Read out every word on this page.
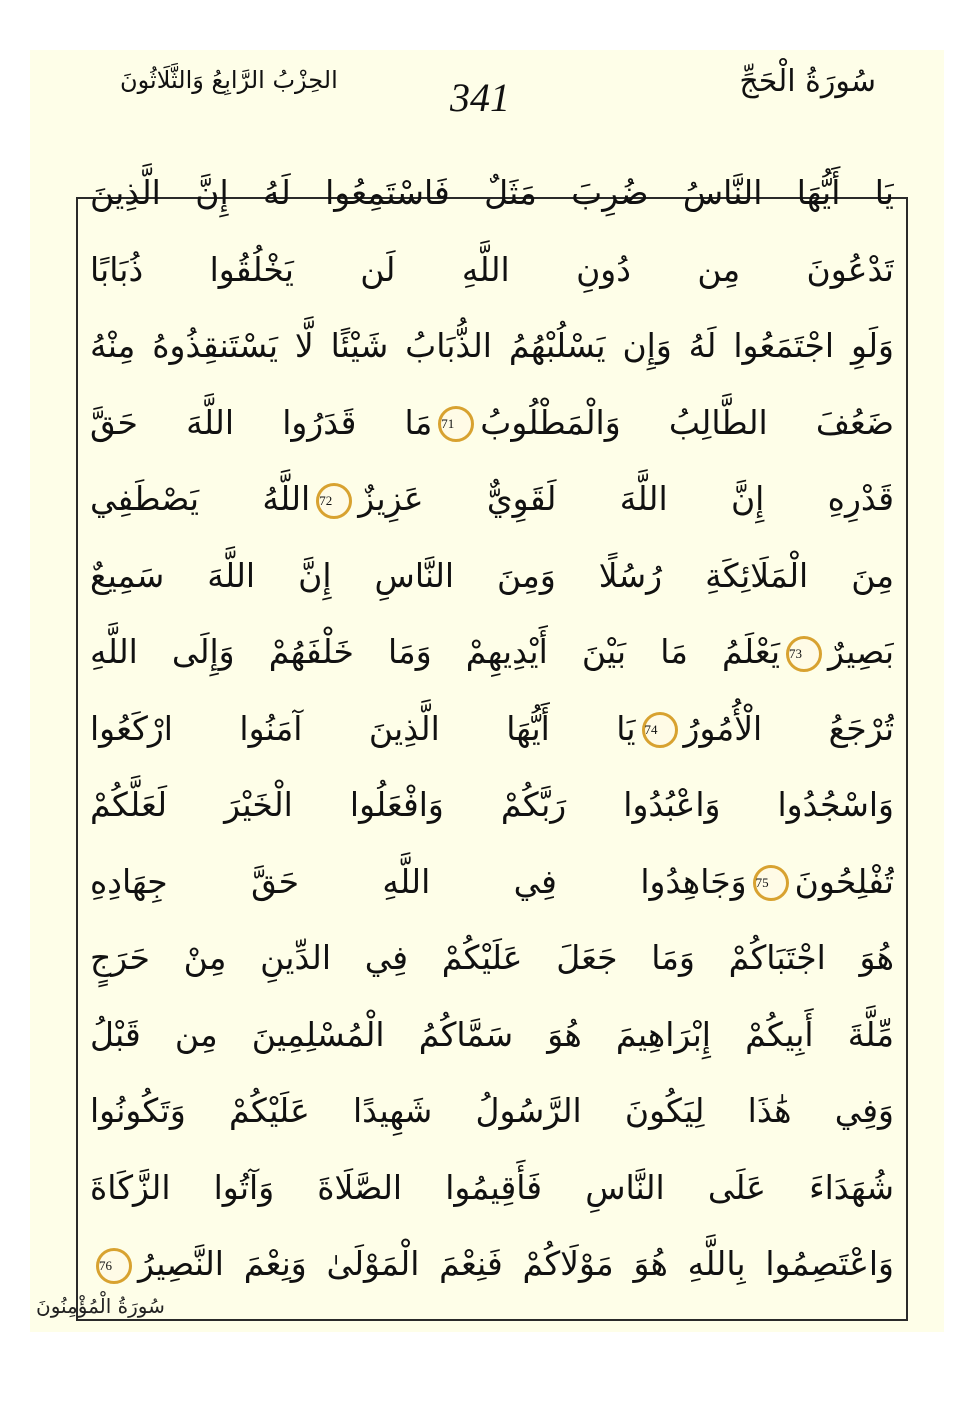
سُورَةُ الْحَجِّ
341
الحِزْبُ الرَّابِعُ وَالثَّلَاثُونَ
يَا أَيُّهَا النَّاسُ ضُرِبَ مَثَلٌ فَاسْتَمِعُوا لَهُ إِنَّ الَّذِينَ
تَدْعُونَ مِن دُونِ اللَّهِ لَن يَخْلُقُوا ذُبَابًا
وَلَوِ اجْتَمَعُوا لَهُ وَإِن يَسْلُبْهُمُ الذُّبَابُ شَيْئًا لَّا يَسْتَنقِذُوهُ مِنْهُ
ضَعُفَ الطَّالِبُ وَالْمَطْلُوبُ71مَا قَدَرُوا اللَّهَ حَقَّ
قَدْرِهِ إِنَّ اللَّهَ لَقَوِيٌّ عَزِيزٌ72اللَّهُ يَصْطَفِي
مِنَ الْمَلَائِكَةِ رُسُلًا وَمِنَ النَّاسِ إِنَّ اللَّهَ سَمِيعٌ
بَصِيرٌ73يَعْلَمُ مَا بَيْنَ أَيْدِيهِمْ وَمَا خَلْفَهُمْ وَإِلَى اللَّهِ
تُرْجَعُ الْأُمُورُ74يَا أَيُّهَا الَّذِينَ آمَنُوا ارْكَعُوا
وَاسْجُدُوا وَاعْبُدُوا رَبَّكُمْ وَافْعَلُوا الْخَيْرَ لَعَلَّكُمْ
تُفْلِحُونَ75وَجَاهِدُوا فِي اللَّهِ حَقَّ جِهَادِهِ
هُوَ اجْتَبَاكُمْ وَمَا جَعَلَ عَلَيْكُمْ فِي الدِّينِ مِنْ حَرَجٍ
مِّلَّةَ أَبِيكُمْ إِبْرَاهِيمَ هُوَ سَمَّاكُمُ الْمُسْلِمِينَ مِن قَبْلُ
وَفِي هَٰذَا لِيَكُونَ الرَّسُولُ شَهِيدًا عَلَيْكُمْ وَتَكُونُوا
شُهَدَاءَ عَلَى النَّاسِ فَأَقِيمُوا الصَّلَاةَ وَآتُوا الزَّكَاةَ
وَاعْتَصِمُوا بِاللَّهِ هُوَ مَوْلَاكُمْ فَنِعْمَ الْمَوْلَىٰ وَنِعْمَ النَّصِيرُ76
سُورَةُ الْمُؤْمِنُونَ
